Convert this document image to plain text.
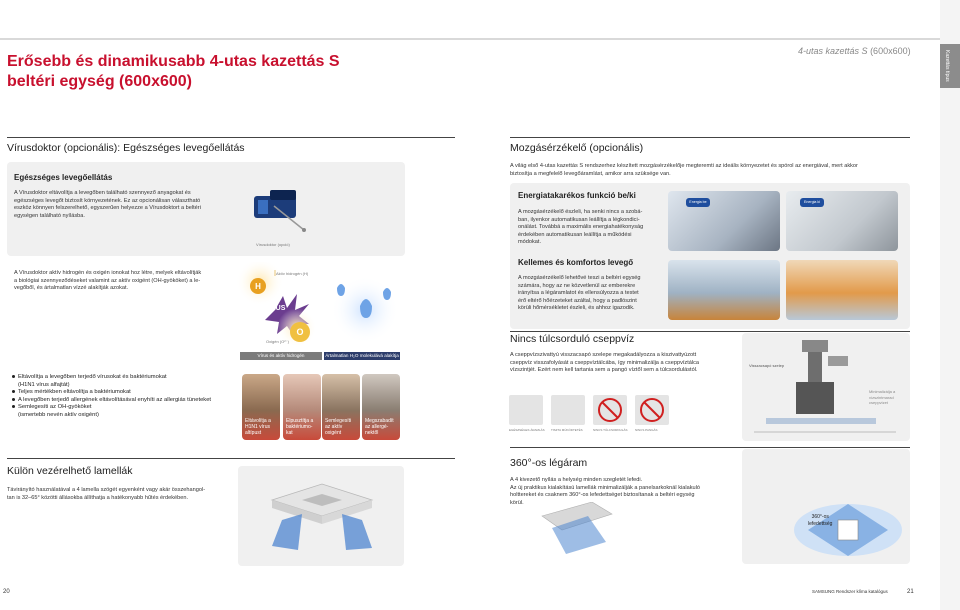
Kazettás típus
Erősebb és dinamikusabb 4-utas kazettás S
beltéri egység (600x600)
4-utas kazettás S (600x600)
Vírusdoktor (opcionális): Egészséges levegőellátás
Egészséges levegőellátás
A Vírusdoktor eltávolítja a levegőben található szennyező anyagokat és
egészséges levegőt biztosít környezetének. Ez az opcionálisan választható
eszköz könnyen felszerelhető, egyszerűen helyezze a Vírusdoktort a beltéri
egységen található nyílásba.
Vírusdoktor (opció)
A Vírusdoktor aktív hidrogén és oxigén ionokat hoz létre, melyek eltávolítják
a biológiai szennyeződéseket valamint az aktív oxigént (OH-gyököket) a le-
vegőből, és ártalmatlan vízzé alakítják azokat.	H
O
VIRUS
Aktív hidrogén (H)
Oxigén (O²⁻)
Vírus és aktív hidrogén	Ártalmatlan H₂O molekulává alakítja
Eltávolítja a levegőben terjedő vírusokat és baktériumokat
(H1N1 vírus alfajtát)
Teljes mértékben eltávolítja a baktériumokat
A levegőben terjedő allergének eltávolításával enyhíti az allergiás tüneteket
Semlegesíti az OH-gyököket
(ismertebb nevén aktív oxigént)
Eltávolítja a
H1N1 vírus
altípust
Elpusztítja a
baktériumo-
kat
Semlegesíti
az aktív
oxigént
Megszabadít
az allergé-
nektől
Külön vezérelhető lamellák
Távirányító használatával a 4 lamella szögét egyenként vagy akár összehangol-
tan is 32–65° közötti állásokba állíthatja a hatékonyabb hűtés érdekében.
20
Mozgásérzékelő (opcionális)
A világ első 4-utas kazettás S rendszerhez készített mozgásérzékelője megteremti az ideális környezetet és spórol az energiával, mert akkor
biztosítja a megfelelő levegőáramlást, amikor arra szüksége van.
Energiatakarékos funkció be/ki
A mozgásérzékelő észleli, ha senki nincs a szobá-
ban, ilyenkor automatikusan leállítja a légkondici-
onálást. Továbbá a maximális energiahatékonyság
érdekében automatikusan leállítja a működési
módokat.
Energia be	Energia ki
Kellemes és komfortos levegő
A mozgásérzékelő lehetővé teszi a beltéri egység
számára, hogy az ne közvetlenül az emberekre
irányítsa a légáramlatot és ellensúlyozza a testet
érő eltérő hőérzeteket azáltal, hogy a padlószint
körüli hőmérsékletet észleli, és ahhoz igazodik.
Nincs túlcsorduló cseppvíz
A cseppvízszivattyú visszacsapó szelepe megakadályozza a kiszivattyúzott
cseppvíz visszafolyását a cseppvíztálcába, így minimalizálja a cseppvíztálca
vízszintjét. Ezért nem kell tartania sem a pangó víztől sem a túlcsordulástól.
EGÉSZSÉGES ÁRAMLÁS TISZTA MŰKÖDTETÉS	NINCS TÚLCSORDULÁS	NINCS PANGÁS
Visszacsapó szelep
Minimalizálja a
vízszintmarad
cseppvizet
360°-os légáram
A 4 kivezető nyílás a helység minden szegletét lefedi.
Az új praktikus kialakítású lamellák minimalizálják a panelsarkoknál kialakuló
holttereket és csaknem 360°-os lefedettséget biztosítanak a beltéri egység
körül.
360°-os
lefedettség
SAMSUNG Rendszer klíma katalógus	21
